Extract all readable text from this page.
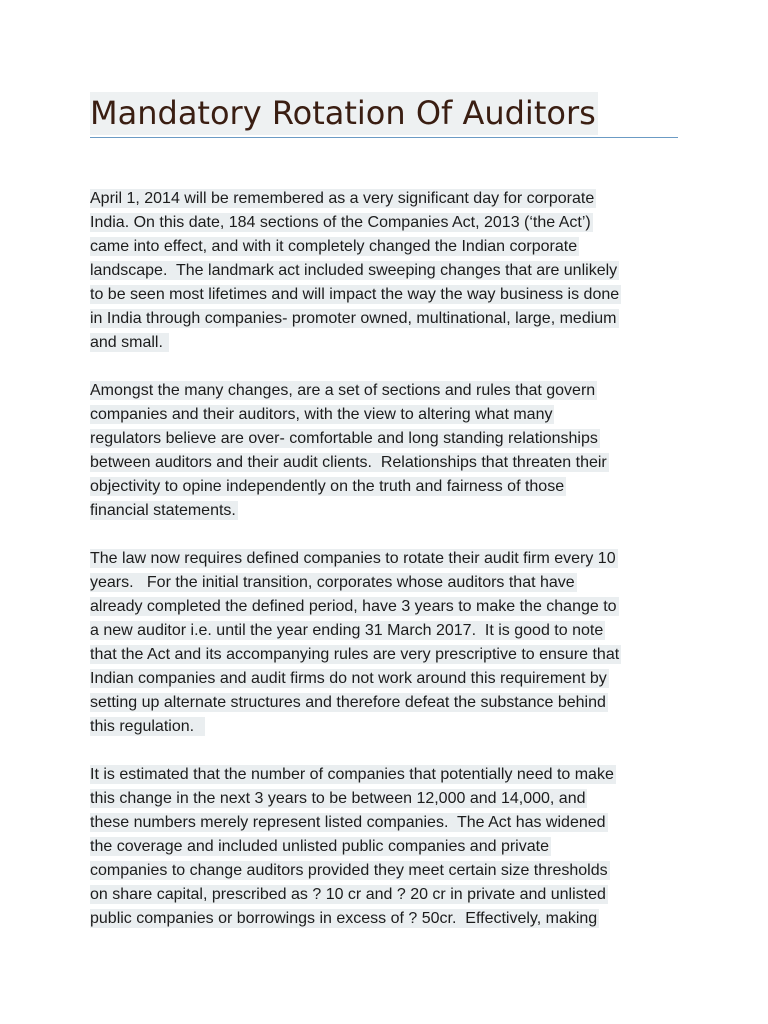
Mandatory Rotation Of Auditors

April 1, 2014 will be remembered as a very significant day for corporate
India. On this date, 184 sections of the Companies Act, 2013 (‘the Act’)
came into effect, and with it completely changed the Indian corporate
landscape.  The landmark act included sweeping changes that are unlikely
to be seen most lifetimes and will impact the way the way business is done
in India through companies- promoter owned, multinational, large, medium
and small.

Amongst the many changes, are a set of sections and rules that govern
companies and their auditors, with the view to altering what many
regulators believe are over- comfortable and long standing relationships
between auditors and their audit clients.  Relationships that threaten their
objectivity to opine independently on the truth and fairness of those
financial statements.

The law now requires defined companies to rotate their audit firm every 10
years.   For the initial transition, corporates whose auditors that have
already completed the defined period, have 3 years to make the change to
a new auditor i.e. until the year ending 31 March 2017.  It is good to note
that the Act and its accompanying rules are very prescriptive to ensure that
Indian companies and audit firms do not work around this requirement by
setting up alternate structures and therefore defeat the substance behind
this regulation.

It is estimated that the number of companies that potentially need to make
this change in the next 3 years to be between 12,000 and 14,000, and
these numbers merely represent listed companies.  The Act has widened
the coverage and included unlisted public companies and private
companies to change auditors provided they meet certain size thresholds
on share capital, prescribed as ? 10 cr and ? 20 cr in private and unlisted
public companies or borrowings in excess of ? 50cr.  Effectively, making
